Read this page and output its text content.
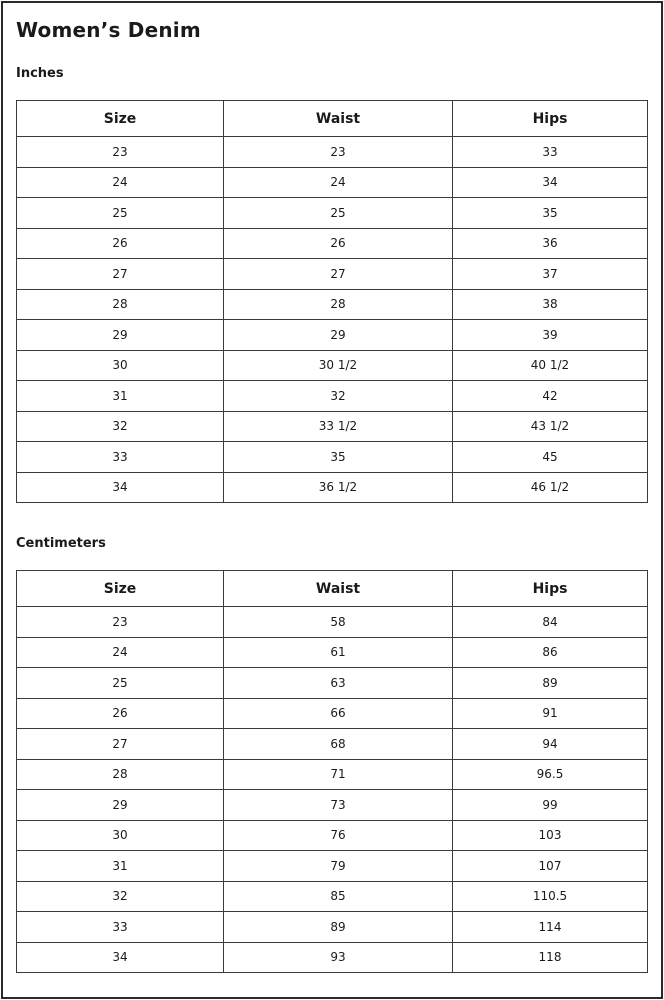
Women’s Denim
Inches
Size	Waist	Hips
23	23	33
24	24	34
25	25	35
26	26	36
27	27	37
28	28	38
29	29	39
30	30 1/2	40 1/2
31	32	42
32	33 1/2	43 1/2
33	35	45
34	36 1/2	46 1/2
Centimeters
Size	Waist	Hips
23	58	84
24	61	86
25	63	89
26	66	91
27	68	94
28	71	96.5
29	73	99
30	76	103
31	79	107
32	85	110.5
33	89	114
34	93	118
